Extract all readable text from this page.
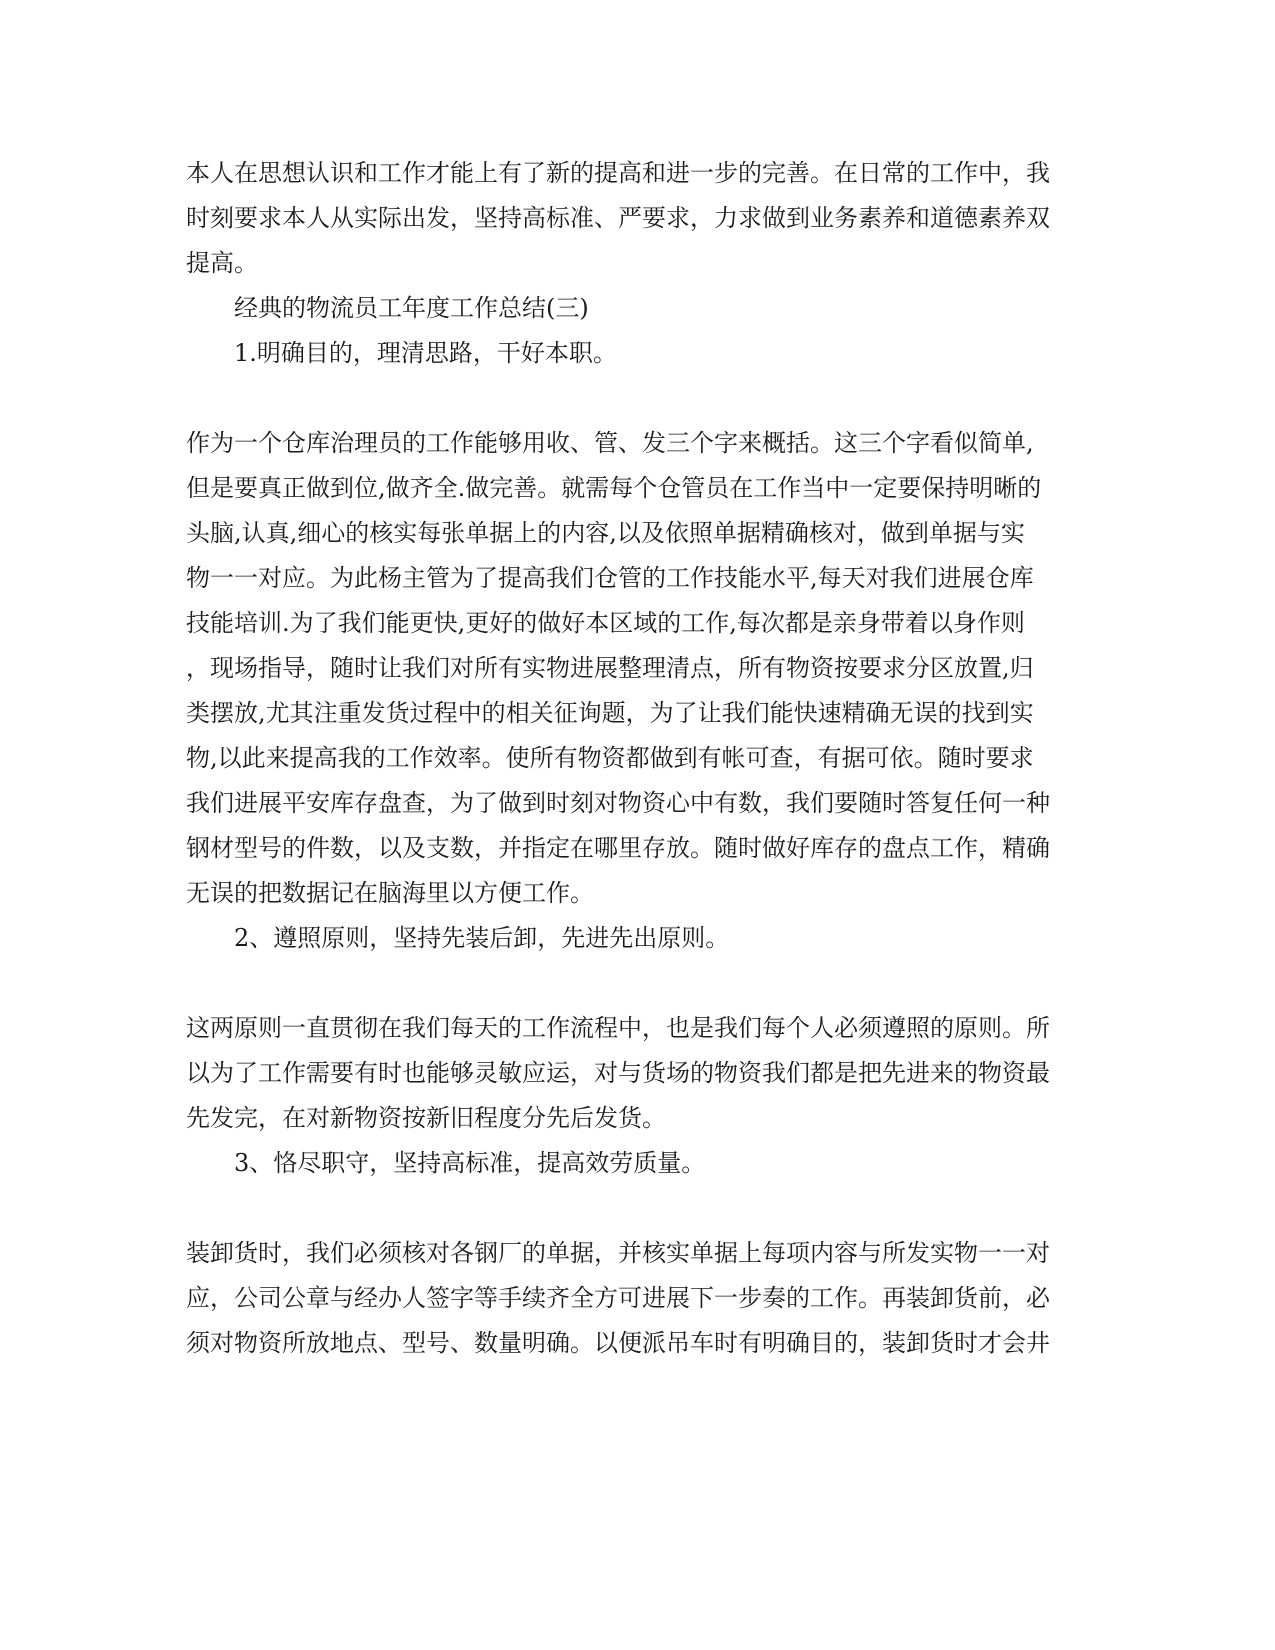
本人在思想认识和工作才能上有了新的提高和进一步的完善。在日常的工作中，我
时刻要求本人从实际出发，坚持高标准、严要求，力求做到业务素养和道德素养双
提高。
经典的物流员工年度工作总结(三)
1.明确目的，理清思路，干好本职。
作为一个仓库治理员的工作能够用收、管、发三个字来概括。这三个字看似简单,
但是要真正做到位,做齐全.做完善。就需每个仓管员在工作当中一定要保持明晰的
头脑,认真,细心的核实每张单据上的内容,以及依照单据精确核对，做到单据与实
物一一对应。为此杨主管为了提高我们仓管的工作技能水平,每天对我们进展仓库
技能培训.为了我们能更快,更好的做好本区域的工作,每次都是亲身带着以身作则
，现场指导，随时让我们对所有实物进展整理清点，所有物资按要求分区放置,归
类摆放,尤其注重发货过程中的相关征询题，为了让我们能快速精确无误的找到实
物,以此来提高我的工作效率。使所有物资都做到有帐可查，有据可依。随时要求
我们进展平安库存盘查，为了做到时刻对物资心中有数，我们要随时答复任何一种
钢材型号的件数，以及支数，并指定在哪里存放。随时做好库存的盘点工作，精确
无误的把数据记在脑海里以方便工作。
2、遵照原则，坚持先装后卸，先进先出原则。
这两原则一直贯彻在我们每天的工作流程中，也是我们每个人必须遵照的原则。所
以为了工作需要有时也能够灵敏应运，对与货场的物资我们都是把先进来的物资最
先发完，在对新物资按新旧程度分先后发货。
3、恪尽职守，坚持高标准，提高效劳质量。
装卸货时，我们必须核对各钢厂的单据，并核实单据上每项内容与所发实物一一对
应，公司公章与经办人签字等手续齐全方可进展下一步奏的工作。再装卸货前，必
须对物资所放地点、型号、数量明确。以便派吊车时有明确目的，装卸货时才会井
